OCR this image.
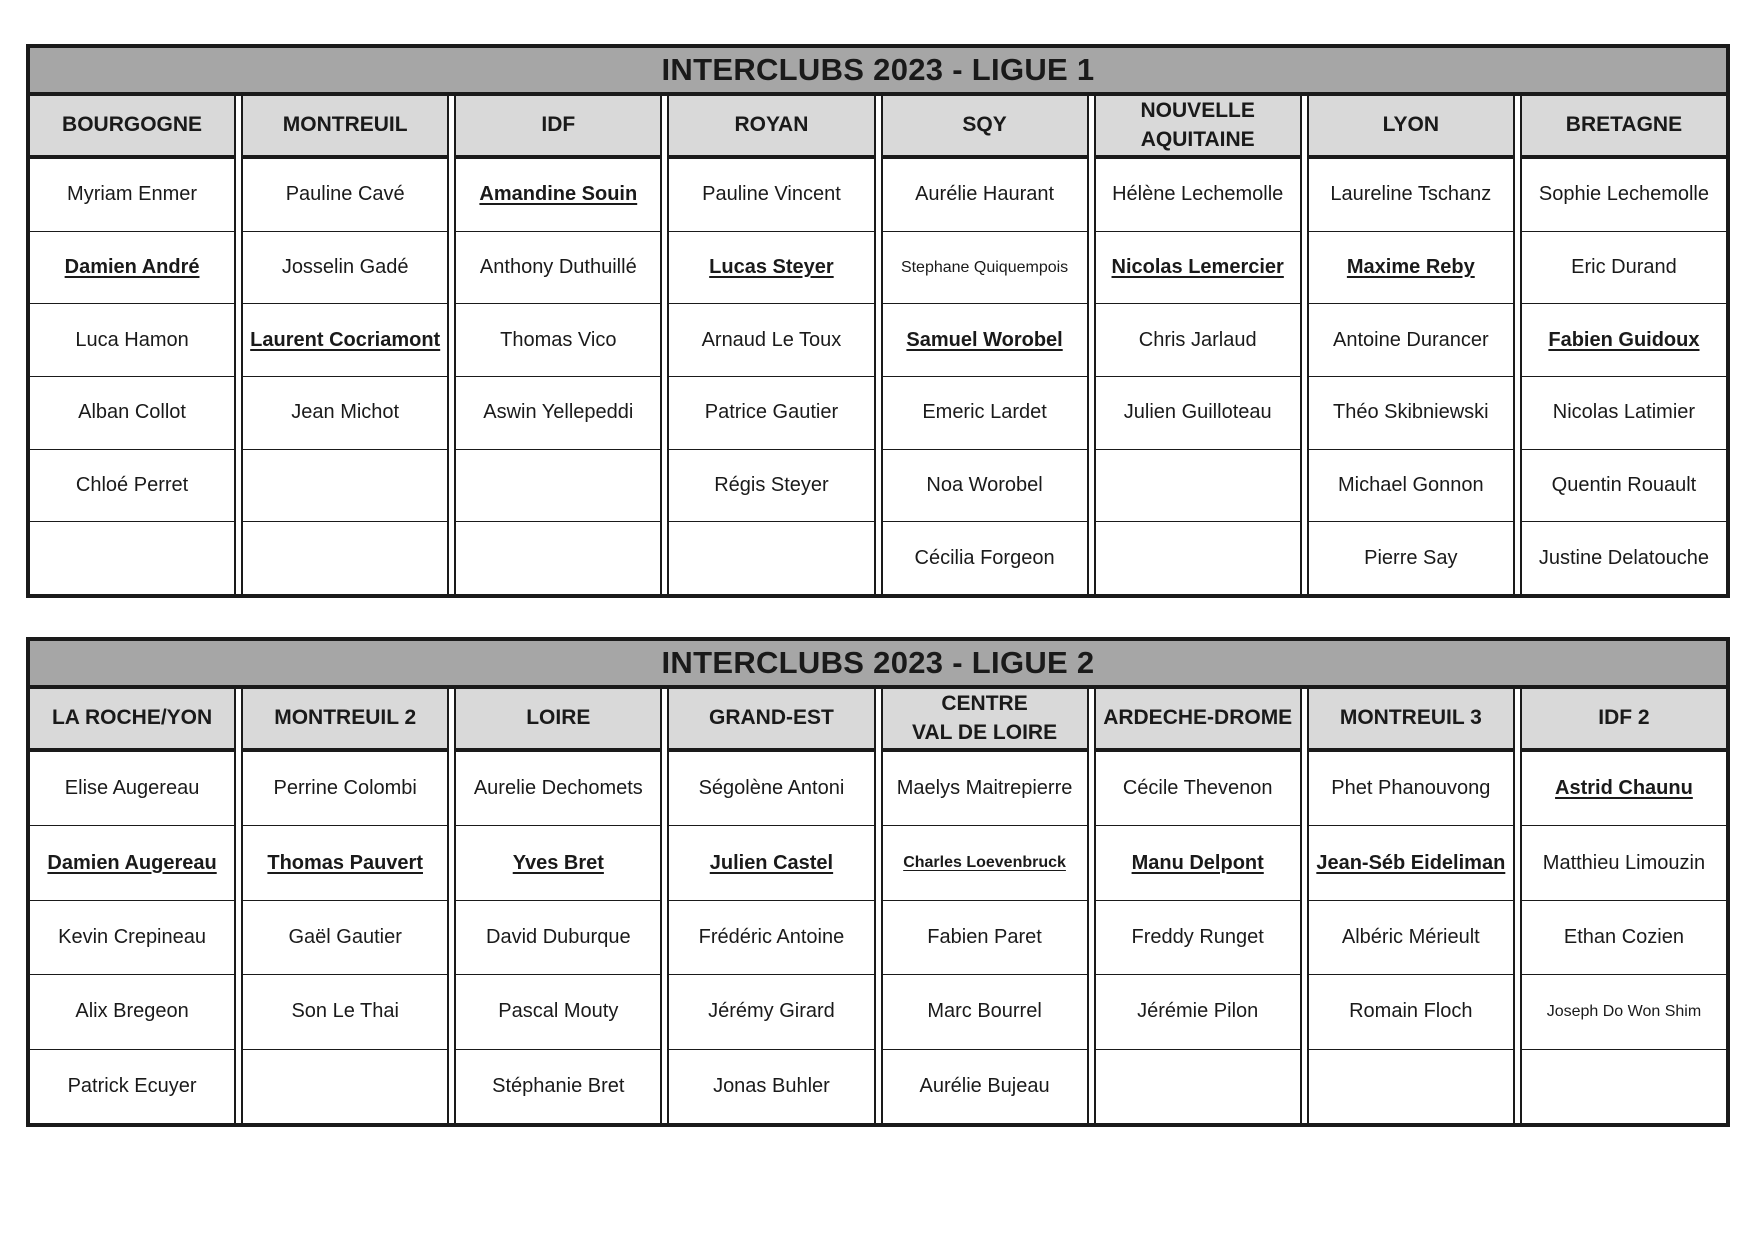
INTERCLUBS 2023 - LIGUE 1
BOURGOGNE
Myriam Enmer
Damien André
Luca Hamon
Alban Collot
Chloé Perret
MONTREUIL
Pauline Cavé
Josselin Gadé
Laurent Cocriamont
Jean Michot
IDF
Amandine Souin
Anthony Duthuillé
Thomas Vico
Aswin Yellepeddi
ROYAN
Pauline Vincent
Lucas Steyer
Arnaud Le Toux
Patrice Gautier
Régis Steyer
SQY
Aurélie Haurant
Stephane Quiquempois
Samuel Worobel
Emeric Lardet
Noa Worobel
Cécilia Forgeon
NOUVELLE
AQUITAINE
Hélène Lechemolle
Nicolas Lemercier
Chris Jarlaud
Julien Guilloteau
LYON
Laureline Tschanz
Maxime Reby
Antoine Durancer
Théo Skibniewski
Michael Gonnon
Pierre Say
BRETAGNE
Sophie Lechemolle
Eric Durand
Fabien Guidoux
Nicolas Latimier
Quentin Rouault
Justine Delatouche
INTERCLUBS 2023 - LIGUE 2
LA ROCHE/YON
Elise Augereau
Damien Augereau
Kevin Crepineau
Alix Bregeon
Patrick Ecuyer
MONTREUIL 2
Perrine Colombi
Thomas Pauvert
Gaël Gautier
Son Le Thai
LOIRE
Aurelie Dechomets
Yves Bret
David Duburque
Pascal Mouty
Stéphanie Bret
GRAND-EST
Ségolène Antoni
Julien Castel
Frédéric Antoine
Jérémy Girard
Jonas Buhler
CENTRE
VAL DE LOIRE
Maelys Maitrepierre
Charles Loevenbruck
Fabien Paret
Marc Bourrel
Aurélie Bujeau
ARDECHE-DROME
Cécile Thevenon
Manu Delpont
Freddy Runget
Jérémie Pilon
MONTREUIL 3
Phet Phanouvong
Jean-Séb Eideliman
Albéric Mérieult
Romain Floch
IDF 2
Astrid Chaunu
Matthieu Limouzin
Ethan Cozien
Joseph Do Won Shim
